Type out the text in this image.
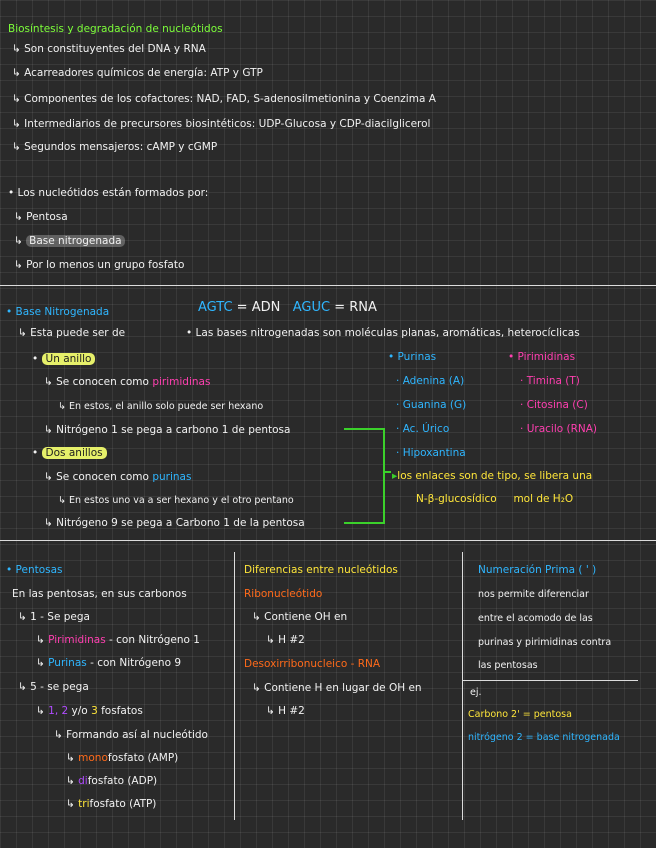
Biosíntesis y degradación de nucleótidos
↳ Son constituyentes del DNA y RNA
↳ Acarreadores químicos de energía: ATP y GTP
↳ Componentes de los cofactores: NAD, FAD, S-adenosilmetionina y Coenzima A
↳ Intermediarios de precursores biosintéticos: UDP-Glucosa y CDP-diacilglicerol
↳ Segundos mensajeros: cAMP y cGMP
• Los nucleótidos están formados por:
↳ Pentosa
↳ Base nitrogenada
↳ Por lo menos un grupo fosfato
• Base Nitrogenada	AGTC = ADN AGUC = RNA
↳ Esta puede ser de	• Las bases nitrogenadas son moléculas planas, aromáticas, heterocíclicas
• Un anillo
↳ Se conocen como pirimidinas
↳ En estos, el anillo solo puede ser hexano
↳ Nitrógeno 1 se pega a carbono 1 de pentosa
• Dos anillos
↳ Se conocen como purinas
↳ En estos uno va a ser hexano y el otro pentano
↳ Nitrógeno 9 se pega a Carbono 1 de la pentosa
• Purinas
· Adenina (A)
· Guanina (G)
· Ac. Úrico
· Hipoxantina
• Pirimidinas
· Timina (T)
· Citosina (C)
· Uracilo (RNA)
▸los enlaces son de tipo, se libera una
N-β-glucosídico mol de H₂O
• Pentosas
En las pentosas, en sus carbonos
↳ 1 - Se pega
↳ Pirimidinas - con Nitrógeno 1
↳ Purinas - con Nitrógeno 9
↳ 5 - se pega
↳ 1, 2 y/o 3 fosfatos
↳ Formando así al nucleótido
↳ monofosfato (AMP)
↳ difosfato (ADP)
↳ trifosfato (ATP)
Diferencias entre nucleótidos
Ribonucleótido
↳ Contiene OH en
↳ H #2
Desoxirribonucleico - RNA
↳ Contiene H en lugar de OH en
↳ H #2
Numeración Prima ( ' )
nos permite diferenciar
entre el acomodo de las
purinas y pirimidinas contra
las pentosas
ej.
Carbono 2' = pentosa
nitrógeno 2 = base nitrogenada
